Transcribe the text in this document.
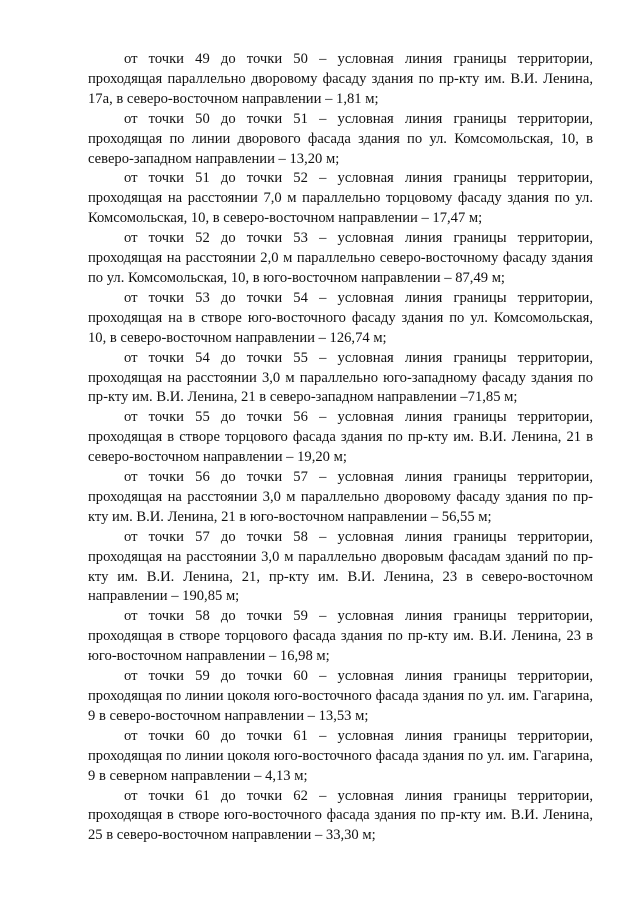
от точки 49 до точки 50 – условная линия границы территории, проходящая параллельно дворовому фасаду здания по пр-кту им. В.И. Ленина, 17а, в северо-восточном направлении – 1,81 м;

от точки 50 до точки 51 – условная линия границы территории, проходящая по линии дворового фасада здания по ул. Комсомольская, 10, в северо-западном направлении – 13,20 м;

от точки 51 до точки 52 – условная линия границы территории, проходящая на расстоянии 7,0 м параллельно торцовому фасаду здания по ул. Комсомольская, 10, в северо-восточном направлении – 17,47 м;

от точки 52 до точки 53 – условная линия границы территории, проходящая на расстоянии 2,0 м параллельно северо-восточному фасаду здания по ул. Комсомольская, 10, в юго-восточном направлении – 87,49 м;

от точки 53 до точки 54 – условная линия границы территории, проходящая на в створе юго-восточного фасаду здания по ул. Комсомольская, 10, в северо-восточном направлении – 126,74 м;

от точки 54 до точки 55 – условная линия границы территории, проходящая на расстоянии 3,0 м параллельно юго-западному фасаду здания по пр-кту им. В.И. Ленина, 21 в северо-западном направлении –71,85 м;

от точки 55 до точки 56 – условная линия границы территории, проходящая в створе торцового фасада здания по пр-кту им. В.И. Ленина, 21 в северо-восточном направлении – 19,20 м;

от точки 56 до точки 57 – условная линия границы территории, проходящая на расстоянии 3,0 м параллельно дворовому фасаду здания по пр-кту им. В.И. Ленина, 21 в юго-восточном направлении – 56,55 м;

от точки 57 до точки 58 – условная линия границы территории, проходящая на расстоянии 3,0 м параллельно дворовым фасадам зданий по пр-кту им. В.И. Ленина, 21, пр-кту им. В.И. Ленина, 23 в северо-восточном направлении – 190,85 м;

от точки 58 до точки 59 – условная линия границы территории, проходящая в створе торцового фасада здания по пр-кту им. В.И. Ленина, 23 в юго-восточном направлении – 16,98 м;

от точки 59 до точки 60 – условная линия границы территории, проходящая по линии цоколя юго-восточного фасада здания по ул. им. Гагарина, 9 в северо-восточном направлении – 13,53 м;

от точки 60 до точки 61 – условная линия границы территории, проходящая по линии цоколя юго-восточного фасада здания по ул. им. Гагарина, 9 в северном направлении – 4,13 м;

от точки 61 до точки 62 – условная линия границы территории, проходящая в створе юго-восточного фасада здания по пр-кту им. В.И. Ленина, 25 в северо-восточном направлении – 33,30 м;
